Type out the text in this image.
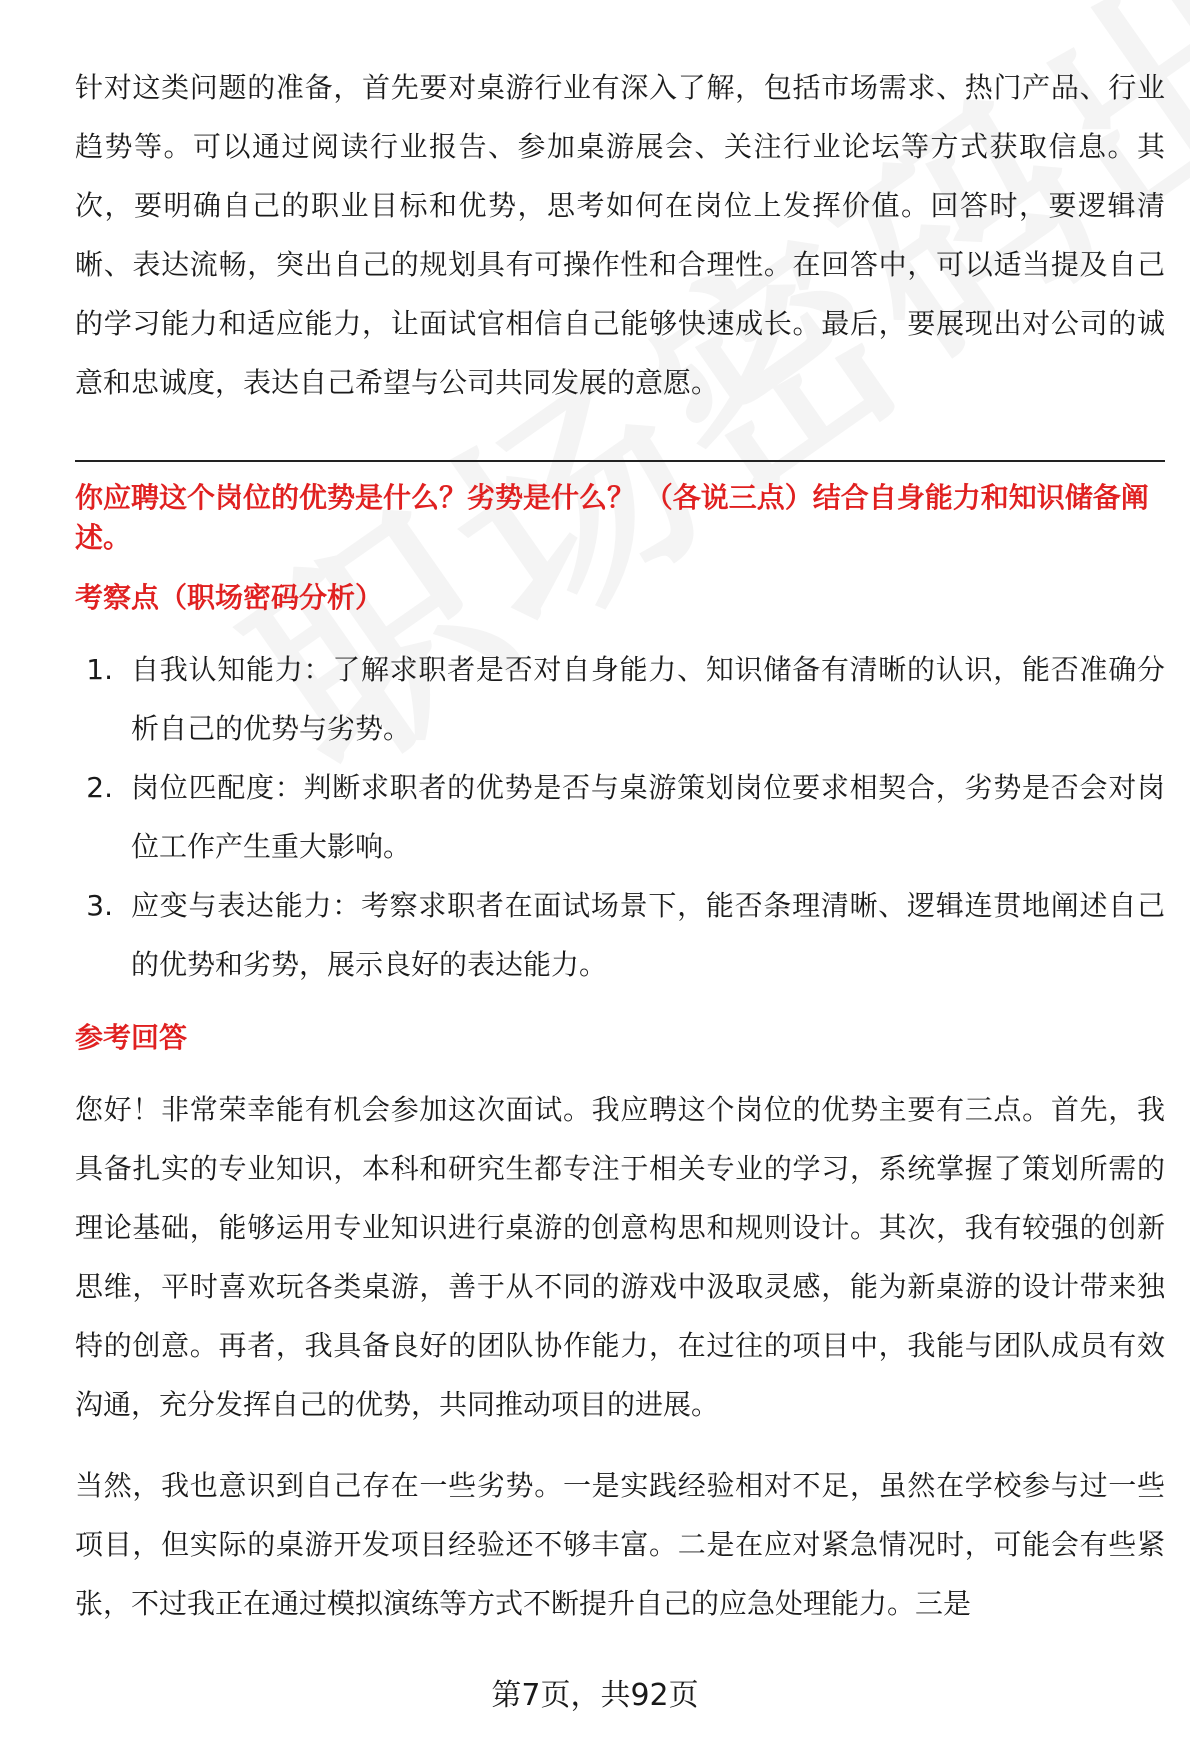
针对这类问题的准备，首先要对桌游行业有深入了解，包括市场需求、热门产品、行业趋势等。可以通过阅读行业报告、参加桌游展会、关注行业论坛等方式获取信息。其次，要明确自己的职业目标和优势，思考如何在岗位上发挥价值。回答时，要逻辑清晰、表达流畅，突出自己的规划具有可操作性和合理性。在回答中，可以适当提及自己的学习能力和适应能力，让面试官相信自己能够快速成长。最后，要展现出对公司的诚意和忠诚度，表达自己希望与公司共同发展的意愿。

你应聘这个岗位的优势是什么？劣势是什么？ （各说三点）结合自身能力和知识储备阐述。
考察点（职场密码分析）
1. 自我认知能力：了解求职者是否对自身能力、知识储备有清晰的认识，能否准确分析自己的优势与劣势。
2. 岗位匹配度：判断求职者的优势是否与桌游策划岗位要求相契合，劣势是否会对岗位工作产生重大影响。
3. 应变与表达能力：考察求职者在面试场景下，能否条理清晰、逻辑连贯地阐述自己的优势和劣势，展示良好的表达能力。
参考回答

您好！非常荣幸能有机会参加这次面试。我应聘这个岗位的优势主要有三点。首先，我具备扎实的专业知识，本科和研究生都专注于相关专业的学习，系统掌握了策划所需的理论基础，能够运用专业知识进行桌游的创意构思和规则设计。其次，我有较强的创新思维，平时喜欢玩各类桌游，善于从不同的游戏中汲取灵感，能为新桌游的设计带来独特的创意。再者，我具备良好的团队协作能力，在过往的项目中，我能与团队成员有效沟通，充分发挥自己的优势，共同推动项目的进展。

当然，我也意识到自己存在一些劣势。一是实践经验相对不足，虽然在学校参与过一些项目，但实际的桌游开发项目经验还不够丰富。二是在应对紧急情况时，可能会有些紧张，不过我正在通过模拟演练等方式不断提升自己的应急处理能力。三是

第7页，共92页
